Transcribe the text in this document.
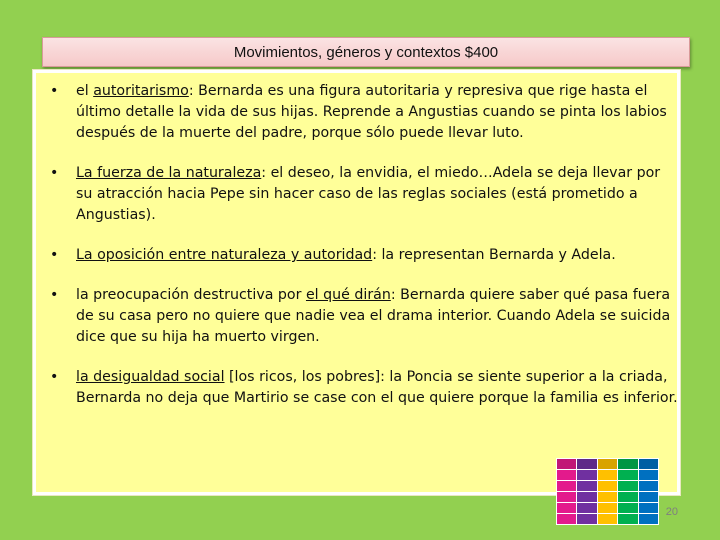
Movimientos, géneros y contextos $400
• el autoritarismo: Bernarda es una figura autoritaria y represiva que rige hasta el último detalle la vida de sus hijas. Reprende a Angustias cuando se pinta los labios después de la muerte del padre, porque sólo puede llevar luto.
• La fuerza de la naturaleza: el deseo, la envidia, el miedo…Adela se deja llevar por su atracción hacia Pepe sin hacer caso de las reglas sociales (está prometido a Angustias).
• La oposición entre naturaleza y autoridad: la representan Bernarda y Adela.
• la preocupación destructiva por el qué dirán: Bernarda quiere saber qué pasa fuera de su casa pero no quiere que nadie vea el drama interior. Cuando Adela se suicida dice que su hija ha muerto virgen.
• la desigualdad social [los ricos, los pobres]: la Poncia se siente superior a la criada, Bernarda no deja que Martirio se case con el que quiere porque la familia es inferior.
20
